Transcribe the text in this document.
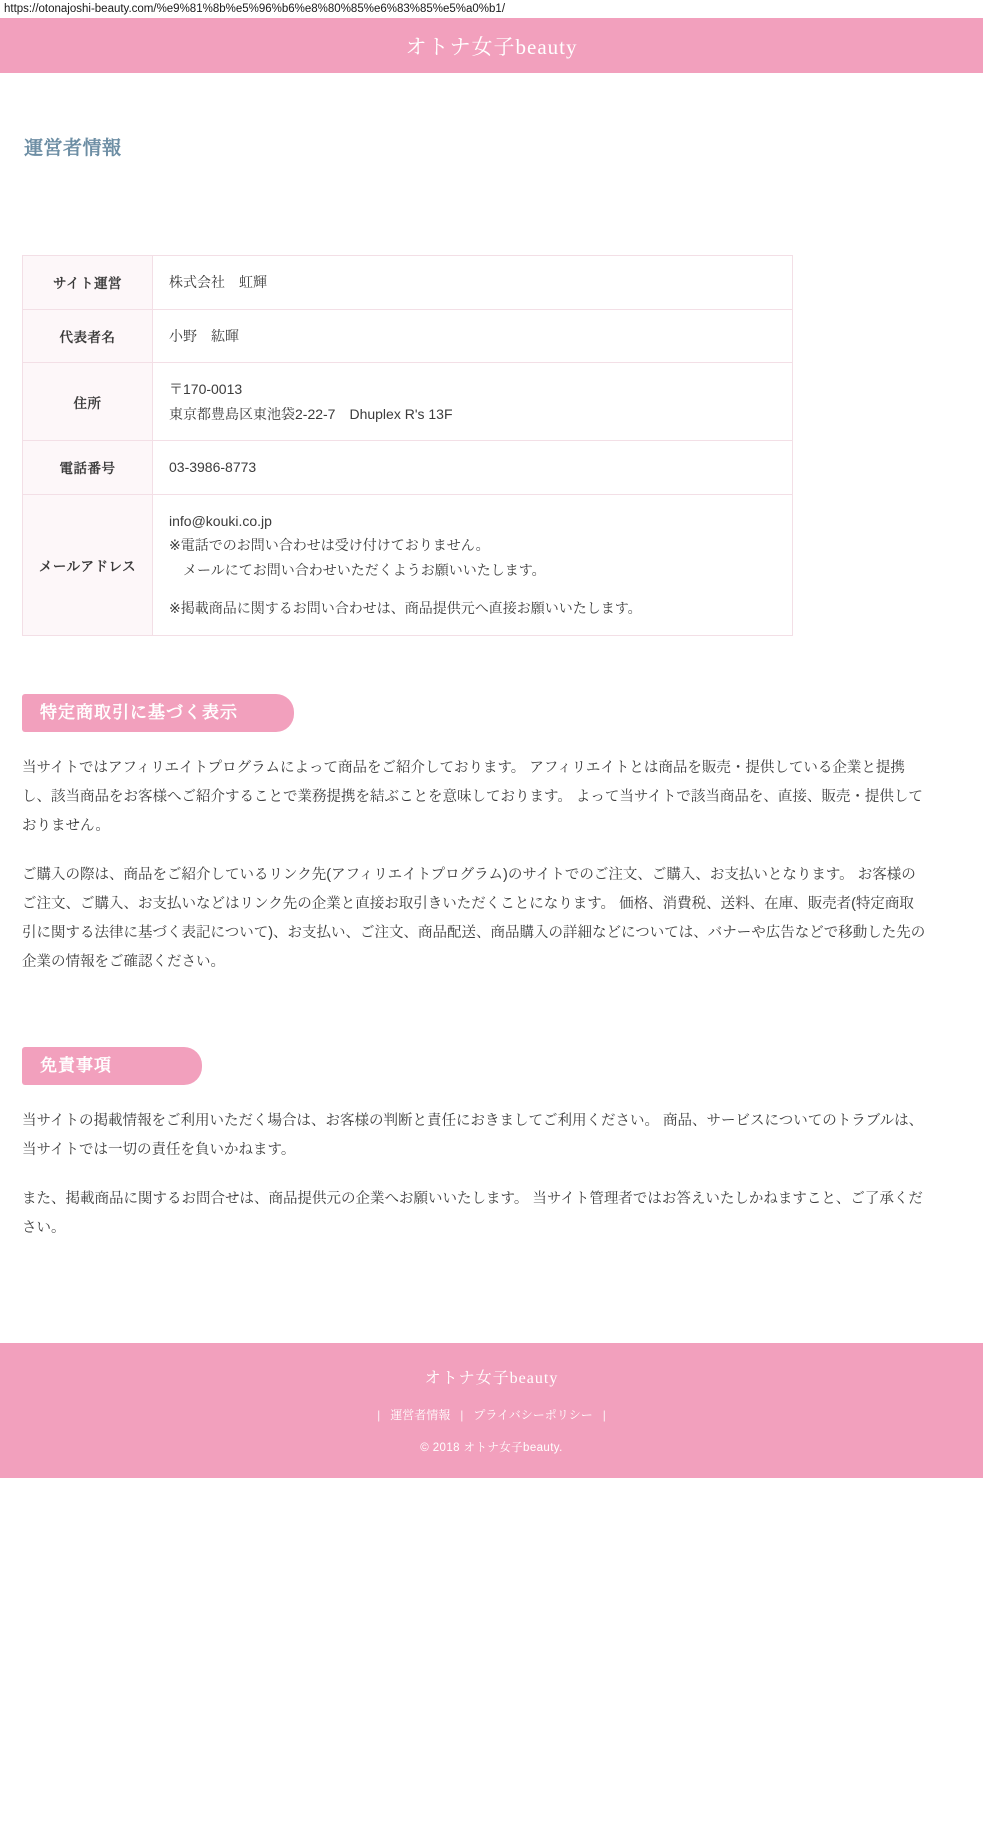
https://otonajoshi-beauty.com/%e9%81%8b%e5%96%b6%e8%80%85%e6%83%85%e5%a0%b1/
オトナ女子beauty
運営者情報
サイト運営	株式会社　虹輝
代表者名	小野　紘暉
住所	〒170-0013
東京都豊島区東池袋2-22-7　Dhuplex R's 13F

電話番号	03-3986-8773
メールアドレス	info@kouki.co.jp
※電話でのお問い合わせは受け付けておりません。
メールにてお問い合わせいただくようお願いいたします。
※掲載商品に関するお問い合わせは、商品提供元へ直接お願いいたします。
特定商取引に基づく表示

当サイトではアフィリエイトプログラムによって商品をご紹介しております。 アフィリエイトとは商品を販売・提供している企業と提携し、該当商品をお客様へご紹介することで業務提携を結ぶことを意味しております。 よって当サイトで該当商品を、直接、販売・提供しておりません。

ご購入の際は、商品をご紹介しているリンク先(アフィリエイトプログラム)のサイトでのご注文、ご購入、お支払いとなります。 お客様のご注文、ご購入、お支払いなどはリンク先の企業と直接お取引きいただくことになります。 価格、消費税、送料、在庫、販売者(特定商取引に関する法律に基づく表記について)、お支払い、ご注文、商品配送、商品購入の詳細などについては、バナーや広告などで移動した先の企業の情報をご確認ください。

免責事項

当サイトの掲載情報をご利用いただく場合は、お客様の判断と責任におきましてご利用ください。 商品、サービスについてのトラブルは、当サイトでは一切の責任を負いかねます。

また、掲載商品に関するお問合せは、商品提供元の企業へお願いいたします。 当サイト管理者ではお答えいたしかねますこと、ご了承ください。

オトナ女子beauty
| 運営者情報 | プライバシーポリシー |
© 2018 オトナ女子beauty.
